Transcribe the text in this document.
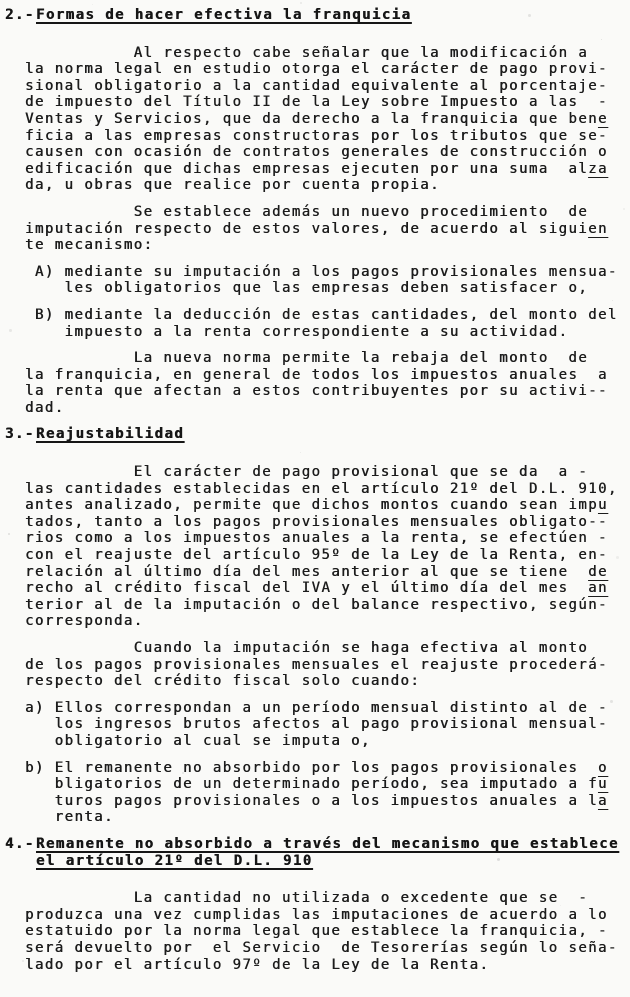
2.- Formas de hacer efectiva la franquicia
Al respecto cabe señalar que la modificación a
la norma legal en estudio otorga el carácter de pago provi-
sional obligatorio a la cantidad equivalente al porcentaje-
de impuesto del Título II de la Ley sobre Impuesto a las  -
Ventas y Servicios, que da derecho a la franquicia que bene
ficia a las empresas constructoras por los tributos que se-
causen con ocasión de contratos generales de construcción o
edificación que dichas empresas ejecuten por una suma  alza
da, u obras que realice por cuenta propia.
Se establece además un nuevo procedimiento  de
imputación respecto de estos valores, de acuerdo al siguien
te mecanismo:
A) mediante su imputación a los pagos provisionales mensua-
les obligatorios que las empresas deben satisfacer o,
B) mediante la deducción de estas cantidades, del monto del
impuesto a la renta correspondiente a su actividad.
La nueva norma permite la rebaja del monto  de
la franquicia, en general de todos los impuestos anuales  a
la renta que afectan a estos contribuyentes por su activi--
dad.
3.- Reajustabilidad
El carácter de pago provisional que se da  a -
las cantidades establecidas en el artículo 21º del D.L. 910,
antes analizado, permite que dichos montos cuando sean impu
tados, tanto a los pagos provisionales mensuales obligato--
rios como a los impuestos anuales a la renta, se efectúen -
con el reajuste del artículo 95º de la Ley de la Renta, en-
relación al último día del mes anterior al que se tiene  de
recho al crédito fiscal del IVA y el último día del mes  an
terior al de la imputación o del balance respectivo, según-
corresponda.
Cuando la imputación se haga efectiva al monto
de los pagos provisionales mensuales el reajuste procederá-
respecto del crédito fiscal solo cuando:
a) Ellos correspondan a un período mensual distinto al de -
los ingresos brutos afectos al pago provisional mensual-
obligatorio al cual se imputa o,
b) El remanente no absorbido por los pagos provisionales  o
bligatorios de un determinado período, sea imputado a fu
turos pagos provisionales o a los impuestos anuales a la
renta.
4.- Remanente no absorbido a través del mecanismo que establece
el artículo 21º del D.L. 910
La cantidad no utilizada o excedente que se  -
produzca una vez cumplidas las imputaciones de acuerdo a lo
estatuido por la norma legal que establece la franquicia, -
será devuelto por  el Servicio  de Tesorerías según lo seña-
lado por el artículo 97º de la Ley de la Renta.
